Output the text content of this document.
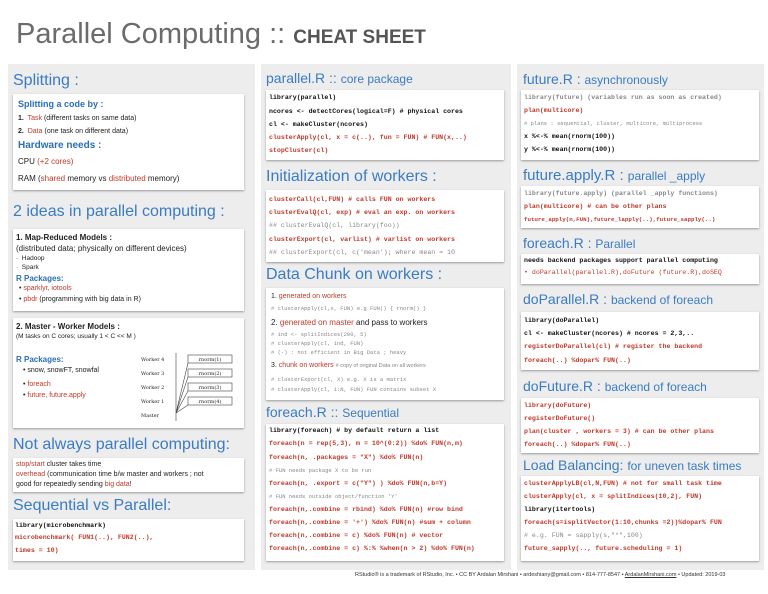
Parallel Computing :: CHEAT SHEET
Splitting :
Splitting a code by :
1. Task (different tasks on same data)
2. Data (one task on different data)
Hardware needs :
CPU (+2 cores)
RAM (shared memory vs distributed memory)
2 ideas in parallel computing :
1. Map-Reduced Models :
(distributed data; physically on different devices)
·  Hadoop
·  Spark
R Packages:
• sparklyr, iotools
• pbdr (programming with big data in R)
2. Master - Worker Models :
(M tasks on C cores; usually 1 < C << M )
R Packages:
• snow, snowFT, snowfal
• foreach
• future, future.apply
Worker 4
Worker 3
Worker 2
Worker 1
Master
rnorm(1)
rnorm(2)
rnorm(3)
rnorm(4)
Not always parallel computing:
stop/start cluster takes time
overhead (communication time b/w master and workers ; not
good for repeatedly sending big data!
Sequential vs Parallel:
library(microbenchmark)
microbenchmark( FUN1(..), FUN2(..),
times = 10)
parallel.R :: core package
library(parallel)
ncores <- detectCores(logical=F) # physical cores
cl <- makeCluster(ncores)
clusterApply(cl, x = c(..), fun = FUN) # FUN(x,..)
stopCluster(cl)
Initialization of workers :
clusterCall(cl,FUN) # calls FUN on workers
clusterEvalQ(cl, exp) # eval an exp. on workers
## clusterEvalQ(cl, library(foo))
clusterExport(cl, varlist) # varlist on workers
## clusterExport(cl, c('mean'); where mean = 10
Data Chunk on workers :
1. generated on workers
# clusterApply(cl,x, FUN) e.g FUN() { rnorm() }
2. generated on master and pass to workers
# ind <- splitIndices(200, 5)
# clusterApply(cl, ind, FUN)
# (-) : not efficient in Big Data ; heavy
3. chunk on workers # copy of original Data on all workers
# clusterExport(cl, X) e.g. X is a matrix
# clusterApply(cl, 1:N, FUN) FUN contains subset X
foreach.R :: Sequential
library(foreach) # by default return a list
foreach(n = rep(5,3), m = 10^(0:2)) %do% FUN(n,m)
foreach(n, .packages = "X") %do% FUN(n)
# FUN needs package X to be run
foreach(n, .export = c("Y") ) %do% FUN(n,b=Y)
# FUN needs outside object/function 'Y'
foreach(n,.combine = rbind) %do% FUN(n) #row bind
foreach(n,.combine = '+') %do% FUN(n) #sum + column
foreach(n,.combine = c) %do% FUN(n) # vector
foreach(n,.combine = c) %:% %when(n > 2) %do% FUN(n)
future.R : asynchronously
library(future) (variables run as soon as created)
plan(multicore)
# plans : sequential, cluster, multicore, multiprocess
x %<-% mean(rnorm(100))
y %<-% mean(rnorm(100))
future.apply.R : parallel _apply
library(future.apply) (parallel _apply functions)
plan(multicore) # can be other plans
future_apply(n,FUN),future_lapply(..),future_sapply(..)
foreach.R : Parallel
needs backend packages support parallel computing
• doParallel(parallel.R),doFuture (future.R),doSEQ
doParallel.R : backend of foreach
library(doParallel)
cl <- makeCluster(ncores) # ncores = 2,3,..
registerDoParallel(cl) # register the backend
foreach(..) %dopar% FUN(..)
doFuture.R : backend of foreach
library(doFuture)
registerDoFuture()
plan(cluster , workers = 3) # can be other plans
foreach(..) %dopar% FUN(..)
Load Balancing: for uneven task times
clusterApplyLB(cl,N,FUN) # not for small task time
clusterApply(cl, x = splitIndices(10,2), FUN)
library(itertools)
foreach(s=isplitVector(1:10,chunks =2))%dopar% FUN
# e.g. FUN = sapply(s,"*",100)
future_sapply(.., future.scheduling = 1)
RStudio® is a trademark of RStudio, Inc. • CC BY Ardalan Mirshani • ardeshiany@gmail.com • 814-777-8547 • ArdalanMirshani.com • Updated: 2019-03
